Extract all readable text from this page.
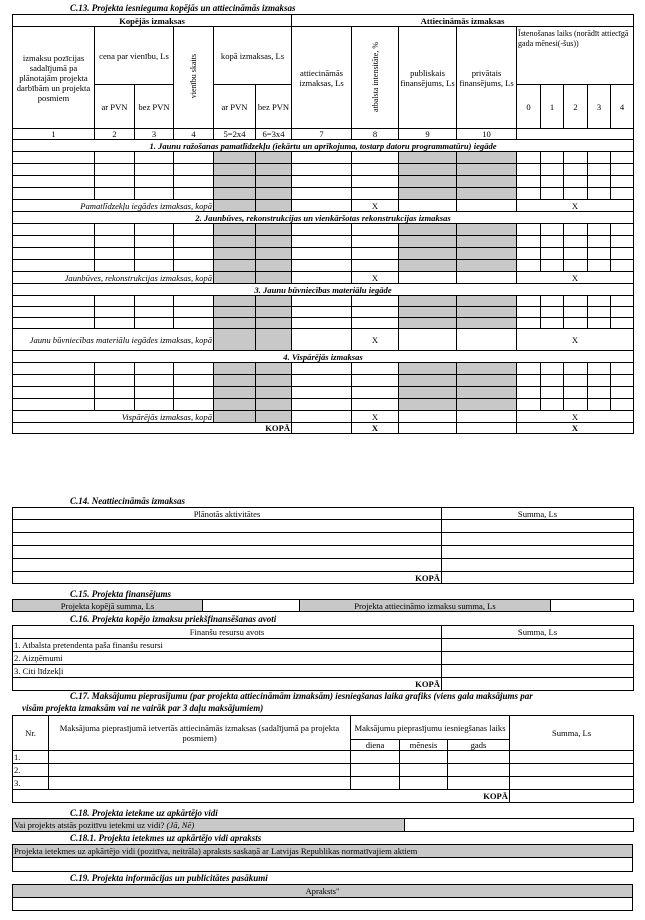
C.13. Projekta iesnieguma kopējās un attiecināmās izmaksas
Kopējās izmaksas						Attiecināmās izmaksas								
izmaksu pozīcijas sadalījumā pa plānotajām projekta darbībām un projekta posmiem	cena par vienību, Ls		vienību skaits	kopā izmaksas, Ls		attiecināmās izmaksas, Ls	atbalsta intensitāte, %	publiskais finansējums, Ls	privātais finansējums, Ls	Īstenošanas laiks (norādīt attiecīgā gada mēnesi(-šus))				
	ar PVN	bez PVN		ar PVN	bez PVN					0	1	2	3	4
1	2	3	4	5=2x4	6=3x4	7	8	9	10					
1. Jaunu ražošanas pamatlīdzekļu (iekārtu un aprīkojuma, tostarp datoru programmatūru) iegāde														

Pamatlīdzekļu iegādes izmaksas, kopā							X			X				
2. Jaunbūves, rekonstrukcijas un vienkāršotas rekonstrukcijas izmaksas														

Jaunbūves, rekonstrukcijas izmaksas, kopā							X			X				
3. Jaunu būvniecības materiālu iegāde														

Jaunu būvniecības materiālu iegādes izmaksas, kopā							X			X				
4. Vispārējās izmaksas														

Vispārējās izmaksas, kopā							X			X				
KOPĀ							X			X				
C.14. Neattiecināmās izmaksas
Plānotās aktivitātes	Summa, Ls

KOPĀ	
C.15. Projekta finansējums
Projekta kopējā summa, Ls		Projekta attiecināmo izmaksu summa, Ls	
C.16. Projekta kopējo izmaksu priekšfinansēšanas avoti
Finanšu resursu avots	Summa, Ls
1. Atbalsta pretendenta paša finanšu resursi	
2. Aizņēmumi	
3. Citi līdzekļi	
KOPĀ	
C.17. Maksājumu pieprasījumu (par projekta attiecināmām izmaksām) iesniegšanas laika grafiks (viens gala maksājums par
visām projekta izmaksām vai ne vairāk par 3 daļu maksājumiem)
Nr.	Maksājuma pieprasījumā ietvertās attiecināmās izmaksas (sadalījumā pa projekta posmiem)	Maksājumu pieprasījumu iesniegšanas laiks			Summa, Ls
		diena	mēnesis	gads	
1.					
2.					
3.					
KOPĀ					
C.18. Projekta ietekme uz apkārtējo vidi
Vai projekts atstās pozitīvu ietekmi uz vidi? (Jā, Nē)	
C.18.1. Projekta ietekmes uz apkārtējo vidi apraksts
Projekta ietekmes uz apkārtējo vidi (pozitīva, neitrāla) apraksts saskaņā ar Latvijas Republikas normatīvajiem aktiem

C.19. Projekta informācijas un publicitātes pasākumi
Apraksts"
